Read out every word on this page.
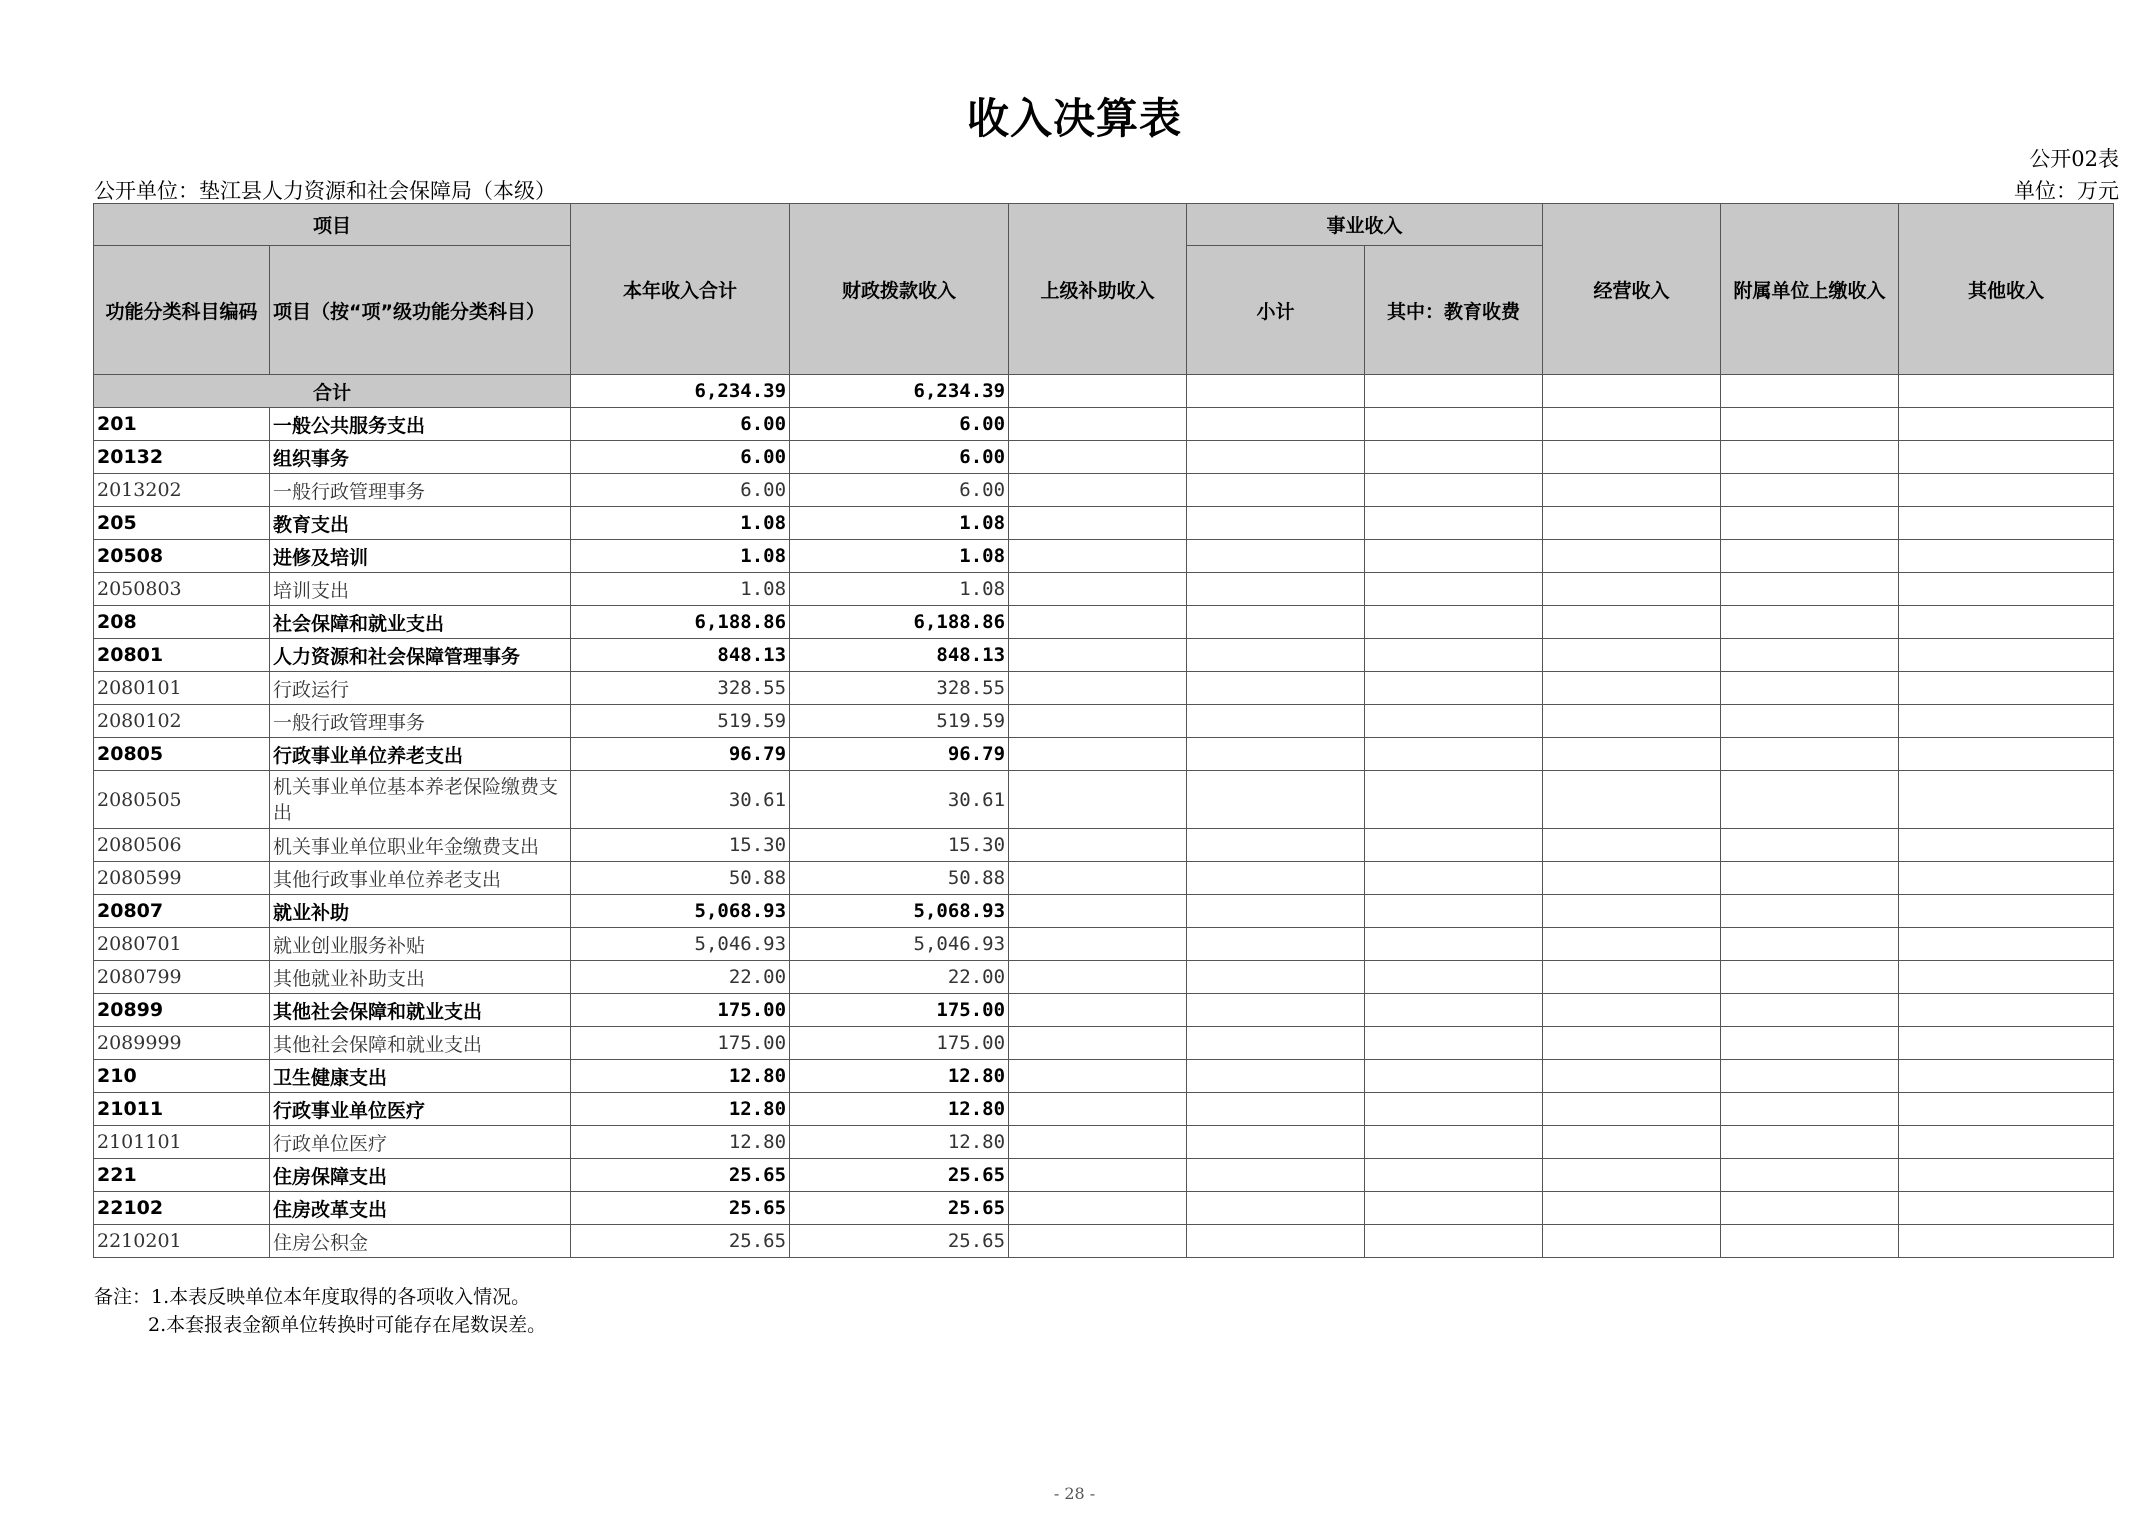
收入决算表
公开02表
公开单位：垫江县人力资源和社会保障局（本级）	单位：万元
项目		本年收入合计	财政拨款收入	上级补助收入	事业收入		经营收入	附属单位上缴收入	其他收入
功能分类科目编码	项目（按“项”级功能分类科目）				小计	其中：教育收费			
合计		6,234.39	6,234.39						
201	一般公共服务支出	6.00	6.00						
20132	组织事务	6.00	6.00						
2013202	一般行政管理事务	6.00	6.00						
205	教育支出	1.08	1.08						
20508	进修及培训	1.08	1.08						
2050803	培训支出	1.08	1.08						
208	社会保障和就业支出	6,188.86	6,188.86						
20801	人力资源和社会保障管理事务	848.13	848.13						
2080101	行政运行	328.55	328.55						
2080102	一般行政管理事务	519.59	519.59						
20805	行政事业单位养老支出	96.79	96.79						
2080505	机关事业单位基本养老保险缴费支出	30.61	30.61						
2080506	机关事业单位职业年金缴费支出	15.30	15.30						
2080599	其他行政事业单位养老支出	50.88	50.88						
20807	就业补助	5,068.93	5,068.93						
2080701	就业创业服务补贴	5,046.93	5,046.93						
2080799	其他就业补助支出	22.00	22.00						
20899	其他社会保障和就业支出	175.00	175.00						
2089999	其他社会保障和就业支出	175.00	175.00						
210	卫生健康支出	12.80	12.80						
21011	行政事业单位医疗	12.80	12.80						
2101101	行政单位医疗	12.80	12.80						
221	住房保障支出	25.65	25.65						
22102	住房改革支出	25.65	25.65						
2210201	住房公积金	25.65	25.65						
备注：1.本表反映单位本年度取得的各项收入情况。
2.本套报表金额单位转换时可能存在尾数误差。
- 28 -
